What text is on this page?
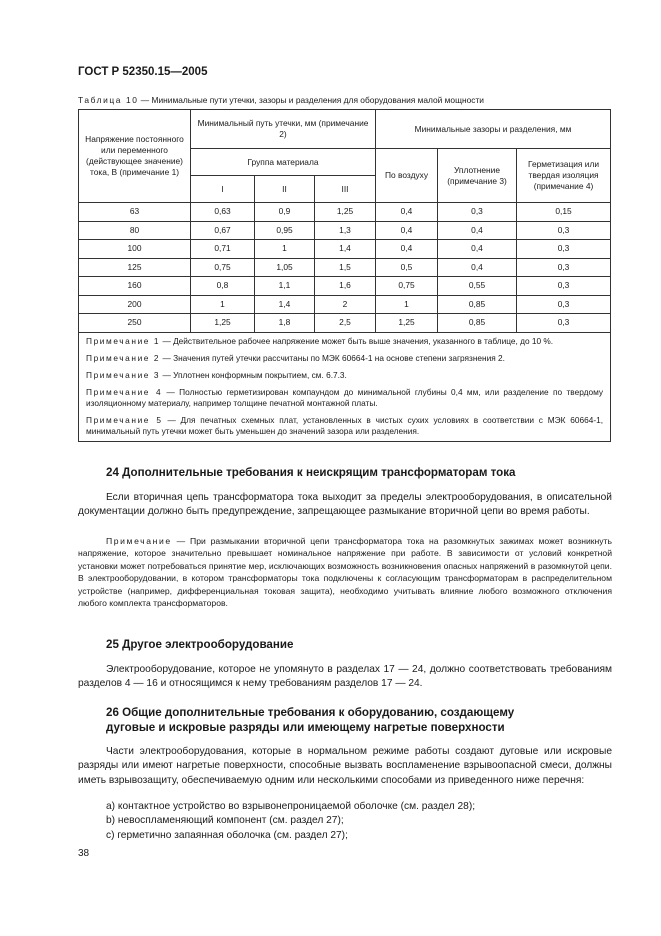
ГОСТ Р 52350.15—2005
Таблица 10 — Минимальные пути утечки, зазоры и разделения для оборудования малой мощности
Напряжение постоянного или переменного (действующее значение) тока, В (примечание 1)	Минимальный путь утечки, мм (примечание 2)			Минимальные зазоры и разделения, мм		
	Группа материала			По воздуху	Уплотнение (примечание 3)	Герметизация или твердая изоляция (примечание 4)
	I	II	III			
63	0,63	0,9	1,25	0,4	0,3	0,15
80	0,67	0,95	1,3	0,4	0,4	0,3
100	0,71	1	1,4	0,4	0,4	0,3
125	0,75	1,05	1,5	0,5	0,4	0,3
160	0,8	1,1	1,6	0,75	0,55	0,3
200	1	1,4	2	1	0,85	0,3
250	1,25	1,8	2,5	1,25	0,85	0,3

Примечание 1 — Действительное рабочее напряжение может быть выше значения, указанного в таблице, до 10 %.

Примечание 2 — Значения путей утечки рассчитаны по МЭК 60664-1 на основе степени загрязнения 2.

Примечание 3 — Уплотнен конформным покрытием, см. 6.7.3.

Примечание 4 — Полностью герметизирован компаундом до минимальной глубины 0,4 мм, или разделение по твердому изоляционному материалу, например толщине печатной монтажной платы.

Примечание 5 — Для печатных схемных плат, установленных в чистых сухих условиях в соответствии с МЭК 60664-1, минимальный путь утечки может быть уменьшен до значений зазора или разделения.						

24 Дополнительные требования к неискрящим трансформаторам тока
Если вторичная цепь трансформатора тока выходит за пределы электрооборудования, в описательной документации должно быть предупреждение, запрещающее размыкание вторичной цепи во время работы.
Примечание — При размыкании вторичной цепи трансформатора тока на разомкнутых зажимах может возникнуть напряжение, которое значительно превышает номинальное напряжение при работе. В зависимости от условий конкретной установки может потребоваться принятие мер, исключающих возможность возникновения опасных напряжений в разомкнутой цепи. В электрооборудовании, в котором трансформаторы тока подключены к согласующим трансформаторам в распределительном устройстве (например, дифференциальная токовая защита), необходимо учитывать влияние любого возможного отключения любого комплекта трансформаторов.
25 Другое электрооборудование
Электрооборудование, которое не упомянуто в разделах 17 — 24, должно соответствовать требованиям разделов 4 — 16 и относящимся к нему требованиям разделов 17 — 24.
26 Общие дополнительные требования к оборудованию, создающему
дуговые и искровые разряды или имеющему нагретые поверхности
Части электрооборудования, которые в нормальном режиме работы создают дуговые или искровые разряды или имеют нагретые поверхности, способные вызвать воспламенение взрывоопасной смеси, должны иметь взрывозащиту, обеспечиваемую одним или несколькими способами из приведенного ниже перечня:
a) контактное устройство во взрывонепроницаемой оболочке (см. раздел 28);
b) невоспламеняющий компонент (см. раздел 27);
c) герметично запаянная оболочка (см. раздел 27);
38
